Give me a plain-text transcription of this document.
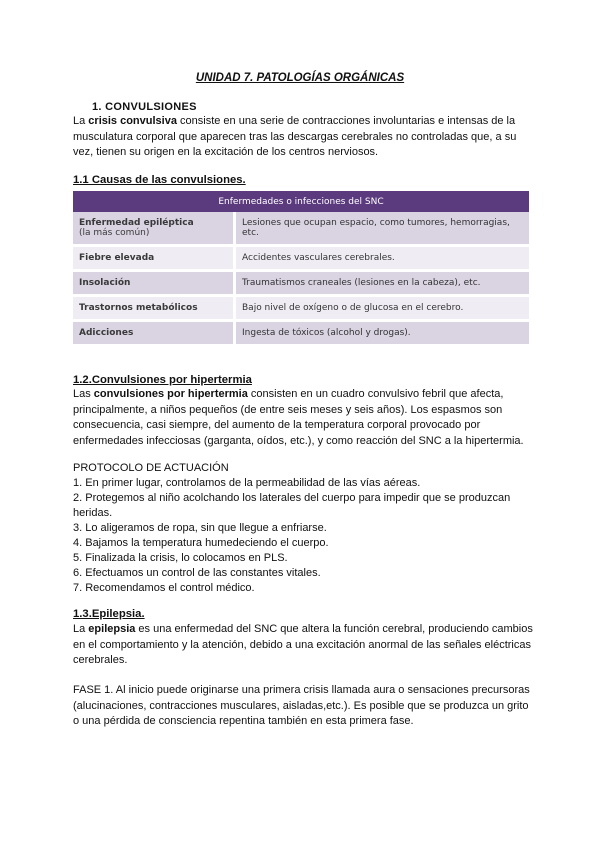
UNIDAD 7. PATOLOGÍAS ORGÁNICAS
1. CONVULSIONES
La crisis convulsiva consiste en una serie de contracciones involuntarias e intensas de la musculatura corporal que aparecen tras las descargas cerebrales no controladas que, a su vez, tienen su origen en la excitación de los centros nerviosos.
1.1 Causas de las convulsiones.
Enfermedades o infecciones del SNC	
Enfermedad epiléptica
(la más común)	Lesiones que ocupan espacio, como tumores, hemorragias, etc.

Fiebre elevada	Accidentes vasculares cerebrales.

Insolación	Traumatismos craneales (lesiones en la cabeza), etc.

Trastornos metabólicos	Bajo nivel de oxígeno o de glucosa en el cerebro.

Adicciones	Ingesta de tóxicos (alcohol y drogas).
1.2.Convulsiones por hipertermia
Las convulsiones por hipertermia consisten en un cuadro convulsivo febril que afecta, principalmente, a niños pequeños (de entre seis meses y seis años). Los espasmos son consecuencia, casi siempre, del aumento de la temperatura corporal provocado por enfermedades infecciosas (garganta, oídos, etc.), y como reacción del SNC a la hipertermia.
PROTOCOLO DE ACTUACIÓN
1. En primer lugar, controlamos de la permeabilidad de las vías aéreas.
2. Protegemos al niño acolchando los laterales del cuerpo para impedir que se produzcan
heridas.
3. Lo aligeramos de ropa, sin que llegue a enfriarse.
4. Bajamos la temperatura humedeciendo el cuerpo.
5. Finalizada la crisis, lo colocamos en PLS.
6. Efectuamos un control de las constantes vitales.
7. Recomendamos el control médico.
1.3.Epilepsia.
La epilepsia es una enfermedad del SNC que altera la función cerebral, produciendo cambios en el comportamiento y la atención, debido a una excitación anormal de las señales eléctricas cerebrales.
FASE 1. Al inicio puede originarse una primera crisis llamada aura o sensaciones precursoras (alucinaciones, contracciones musculares, aisladas,etc.). Es posible que se produzca un grito o una pérdida de consciencia repentina también en esta primera fase.
